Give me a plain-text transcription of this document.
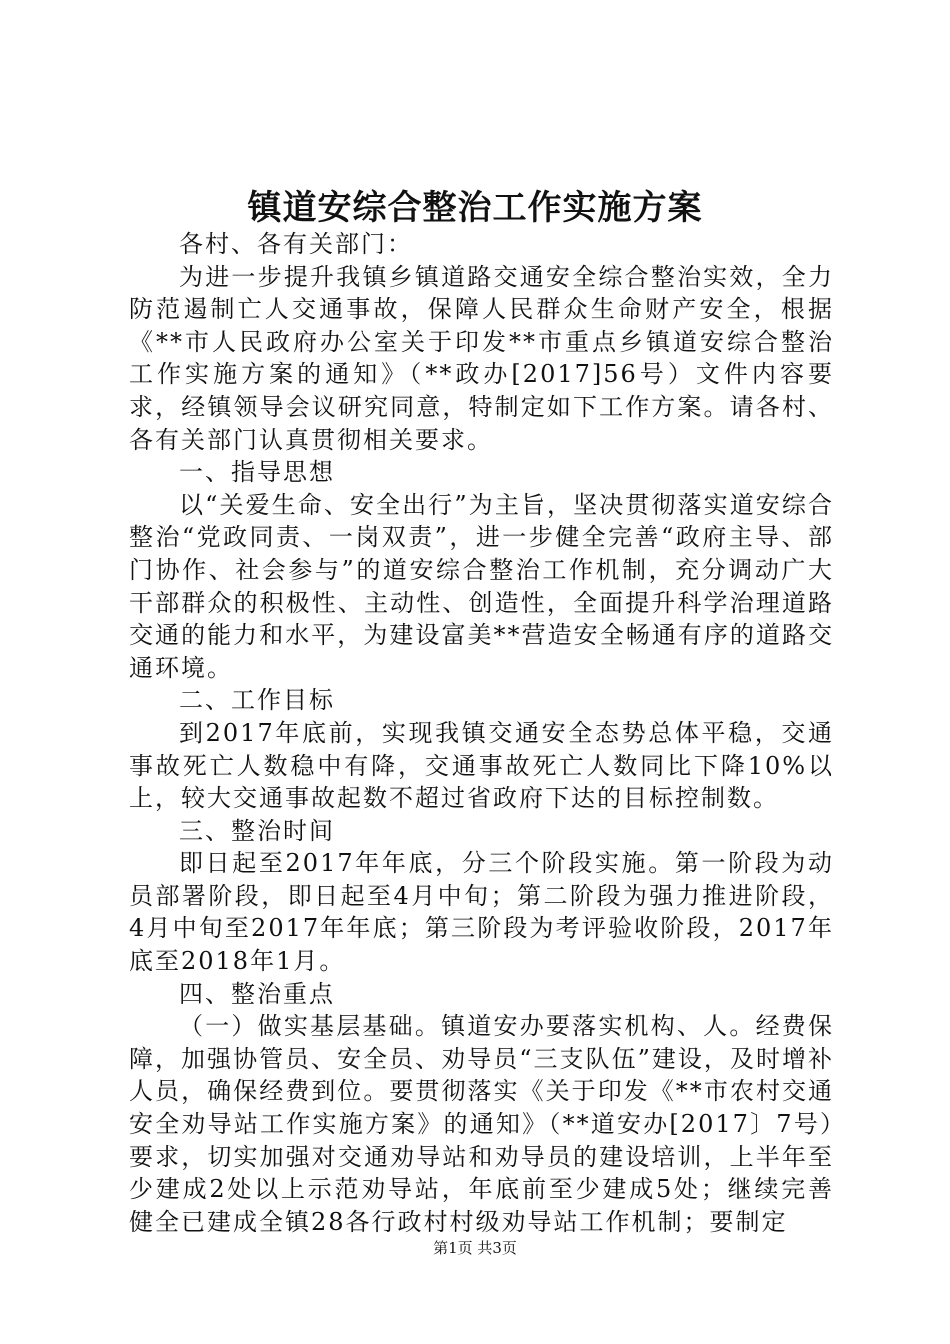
镇道安综合整治工作实施方案

各村、各有关部门：

为进一步提升我镇乡镇道路交通安全综合整治实效，全力防范遏制亡人交通事故，保障人民群众生命财产安全，根据《**市人民政府办公室关于印发**市重点乡镇道安综合整治工作实施方案的通知》（**政办[2017]56号）文件内容要求，经镇领导会议研究同意，特制定如下工作方案。请各村、各有关部门认真贯彻相关要求。

一、指导思想

以“关爱生命、安全出行”为主旨，坚决贯彻落实道安综合整治“党政同责、一岗双责”，进一步健全完善“政府主导、部门协作、社会参与”的道安综合整治工作机制，充分调动广大干部群众的积极性、主动性、创造性，全面提升科学治理道路交通的能力和水平，为建设富美**营造安全畅通有序的道路交通环境。

二、工作目标

到2017年底前，实现我镇交通安全态势总体平稳，交通事故死亡人数稳中有降，交通事故死亡人数同比下降10%以上，较大交通事故起数不超过省政府下达的目标控制数。

三、整治时间

即日起至2017年年底，分三个阶段实施。第一阶段为动员部署阶段，即日起至4月中旬；第二阶段为强力推进阶段，4月中旬至2017年年底；第三阶段为考评验收阶段，2017年底至2018年1月。

四、整治重点

（一）做实基层基础。镇道安办要落实机构、人。经费保障，加强协管员、安全员、劝导员“三支队伍”建设，及时增补人员，确保经费到位。要贯彻落实《关于印发《**市农村交通安全劝导站工作实施方案》的通知》（**道安办[2017〕7号）要求，切实加强对交通劝导站和劝导员的建设培训，上半年至少建成2处以上示范劝导站，年底前至少建成5处；继续完善健全已建成全镇28各行政村村级劝导站工作机制；要制定

第1页 共3页
